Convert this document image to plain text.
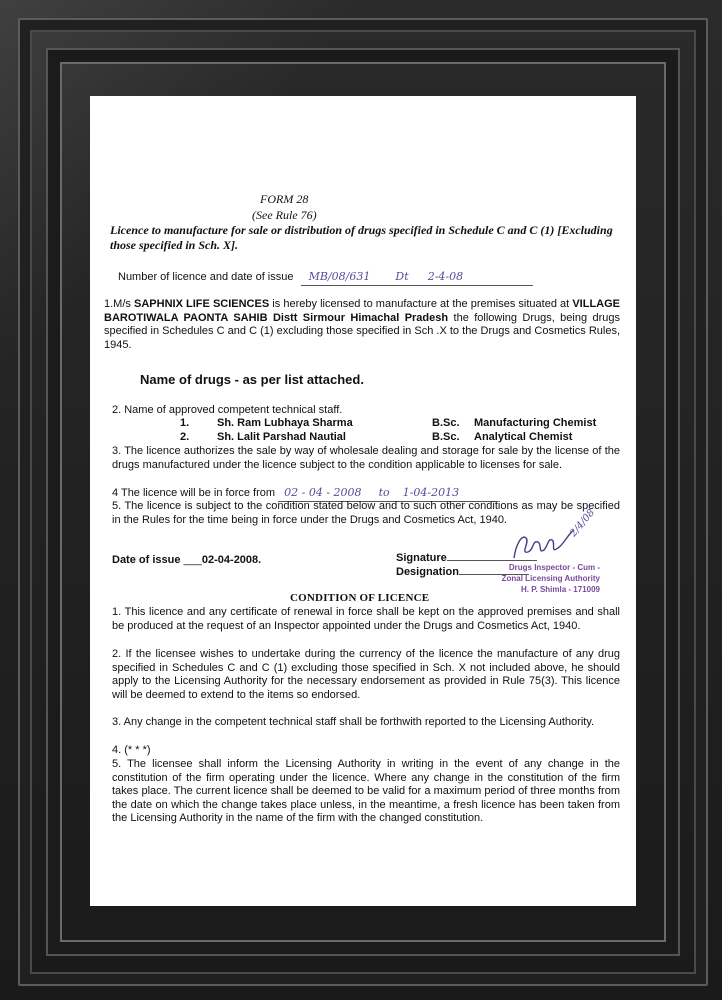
FORM 28
(See Rule 76)
Licence to manufacture for sale or distribution of drugs specified in Schedule C and C (1) [Excluding those specified in Sch. X].
Number of licence and date of issue MB/08/631 Dt 2-4-08
1.M/s SAPHNIX LIFE SCIENCES is hereby licensed to manufacture at the premises situated at VILLAGE BAROTIWALA PAONTA SAHIB Distt Sirmour Himachal Pradesh the following Drugs, being drugs specified in Schedules C and C (1) excluding those specified in Sch .X to the Drugs and Cosmetics Rules, 1945.
Name of drugs - as per list attached.
2. Name of approved competent technical staff.
1.	Sh. Ram Lubhaya Sharma	B.Sc. Manufacturing Chemist
2.	Sh. Lalit Parshad Nautial	B.Sc. Analytical Chemist
3. The licence authorizes the sale by way of wholesale dealing and storage for sale by the license of the drugs manufactured under the licence subject to the condition applicable to licenses for sale.
4 The licence will be in force from 02 - 04 - 2008 to 1-04-2013
5. The licence is subject to the condition stated below and to such other conditions as may be specified in the Rules for the time being in force under the Drugs and Cosmetics Act, 1940.
Date of issue ___02-04-2008.	Signature
Designation
2/4/08
Drugs Inspector - Cum -
Zonal Licensing Authority
H. P. Shimla - 171009
CONDITION OF LICENCE
1. This licence and any certificate of renewal in force shall be kept on the approved premises and shall be produced at the request of an Inspector appointed under the Drugs and Cosmetics Act, 1940.
2. If the licensee wishes to undertake during the currency of the licence the manufacture of any drug specified in Schedules C and C (1) excluding those specified in Sch. X not included above, he should apply to the Licensing Authority for the necessary endorsement as provided in Rule 75(3). This licence will be deemed to extend to the items so endorsed.
3. Any change in the competent technical staff shall be forthwith reported to the Licensing Authority.
4. (* * *)
5. The licensee shall inform the Licensing Authority in writing in the event of any change in the constitution of the firm operating under the licence. Where any change in the constitution of the firm takes place. The current licence shall be deemed to be valid for a maximum period of three months from the date on which the change takes place unless, in the meantime, a fresh licence has been taken from the Licensing Authority in the name of the firm with the changed constitution.
